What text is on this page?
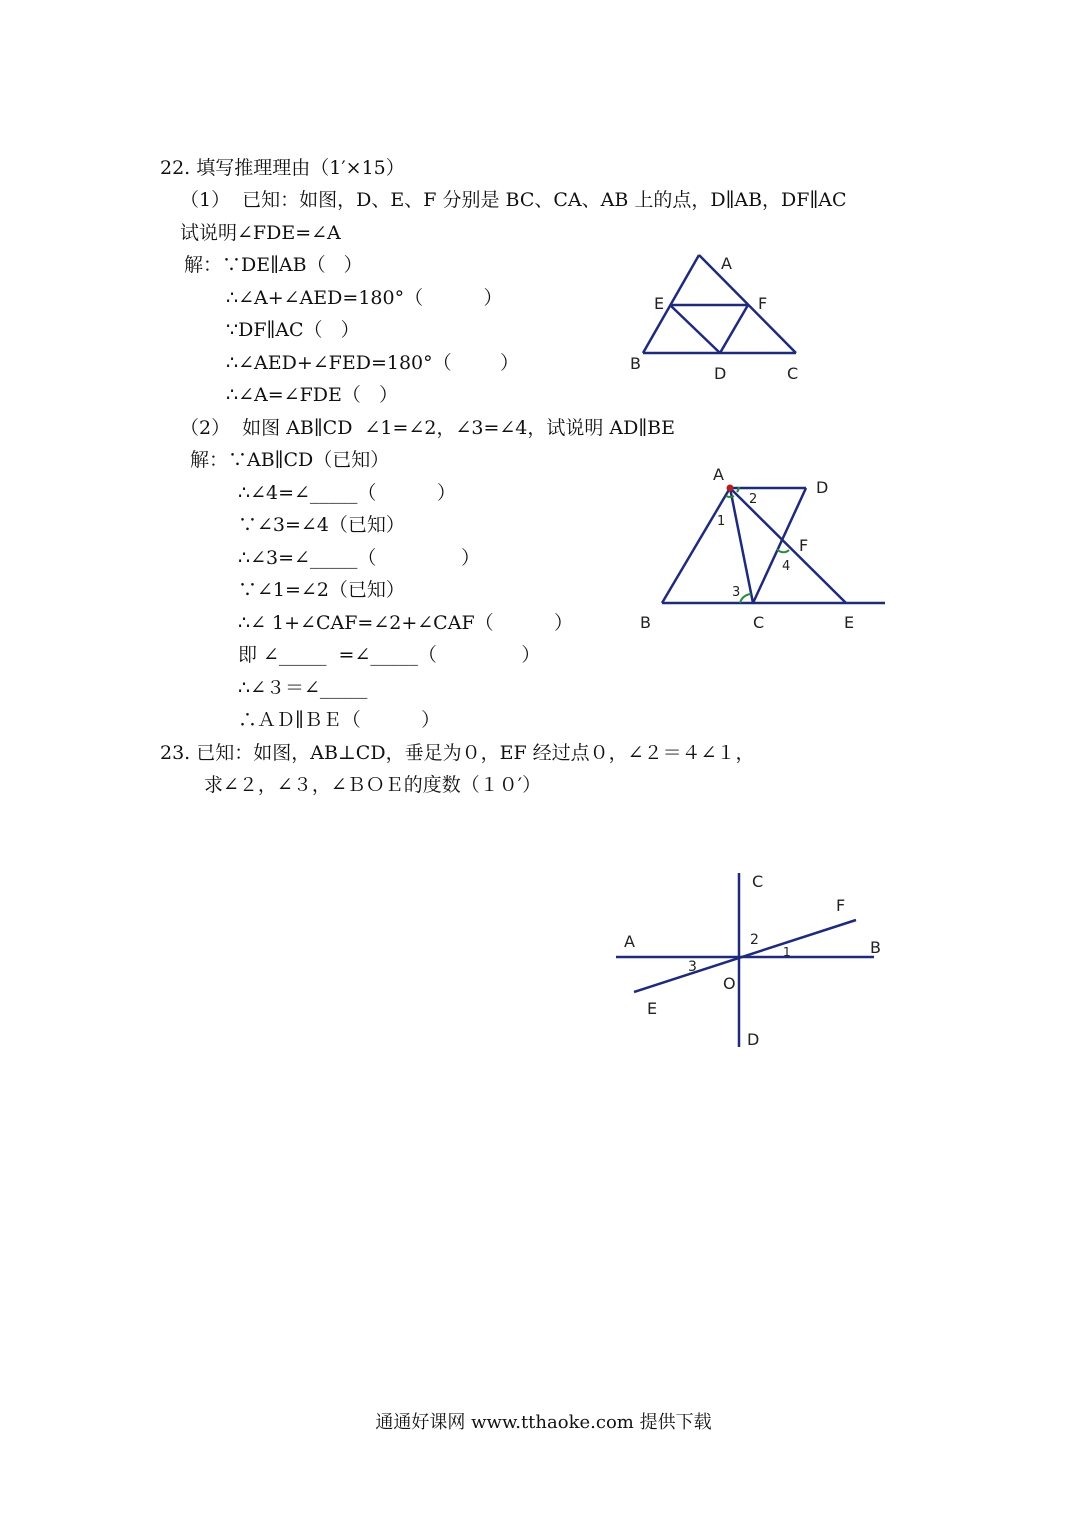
22. 填写推理理由（1′×15）
（1）  已知：如图，D、E、F 分别是 BC、CA、AB 上的点，D∥AB，DF∥AC
试说明∠FDE=∠A
解：∵DE∥AB（   ）
∴∠A+∠AED=180°（          ）
∵DF∥AC（   ）
∴∠AED+∠FED=180°（        ）
∴∠A=∠FDE（   ）
（2）  如图 AB∥CD  ∠1=∠2，∠3=∠4，试说明 AD∥BE
解：∵AB∥CD（已知）
∴∠4=∠_____（          ）
∵∠3=∠4（已知）
∴∠3=∠_____（              ）
∵∠1=∠2（已知）
∴∠ 1+∠CAF=∠2+∠CAF（          ）
即 ∠_____  =∠_____（              ）
∴∠３＝∠_____
∴ＡＤ∥ＢＥ（          ）
23. 已知：如图，AB⊥CD，垂足为０，EF 经过点０，∠２＝４∠１，
求∠２，∠３，∠ＢＯＥ的度数（１０′）
A
E	F
B
D	C
A
D
F
B	C	E
1
2
3
4
C
F
A	B
2
1
3
O
E
D
通通好课网 www.tthaoke.com 提供下载
